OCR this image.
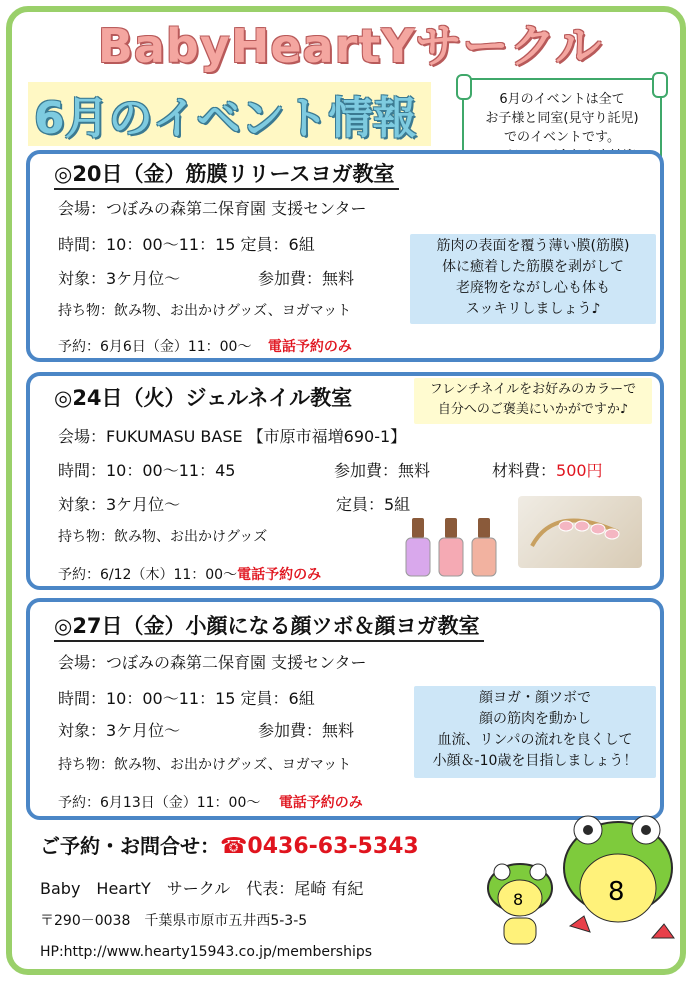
BabyHeartYサークル
6月のイベント情報	6月のイベントは全て
お子様と同室(見守り託児)
でのイベントです。
◎20日（金）筋膜リリースヨガ教室
会場：つぼみの森第二保育園 支援センター
時間：10：00～11：15 定員：6組
対象：3ケ月位～	参加費：無料
持ち物：飲み物、お出かけグッズ、ヨガマット
予約：6月6日（金）11：00～ 電話予約のみ
筋肉の表面を覆う薄い膜(筋膜)
体に癒着した筋膜を剥がして
老廃物をながし心も体も
スッキリしましょう♪
◎24日（火）ジェルネイル教室	フレンチネイルをお好みのカラーで
自分へのご褒美にいかがですか♪
会場：FUKUMASU BASE 【市原市福増690-1】
時間：10：00～11：45	参加費：無料	材料費：500円
対象：3ケ月位～	定員：5組
持ち物：飲み物、お出かけグッズ
予約：6/12（木）11：00～電話予約のみ
◎27日（金）小顔になる顔ツボ＆顔ヨガ教室
会場：つぼみの森第二保育園 支援センター
時間：10：00～11：15 定員：6組
対象：3ケ月位～	参加費：無料
持ち物：飲み物、お出かけグッズ、ヨガマット
予約：6月13日（金）11：00～ 電話予約のみ
顔ヨガ・顔ツボで
顔の筋肉を動かし
血流、リンパの流れを良くして
小顔＆-10歳を目指しましょう！
ご予約・お問合せ：☎0436-63-5343
Baby　HeartY　サークル　代表：尾崎 有紀
〒290－0038　千葉県市原市五井西5-3-5
HP:http://www.hearty15943.co.jp/memberships
8	8
